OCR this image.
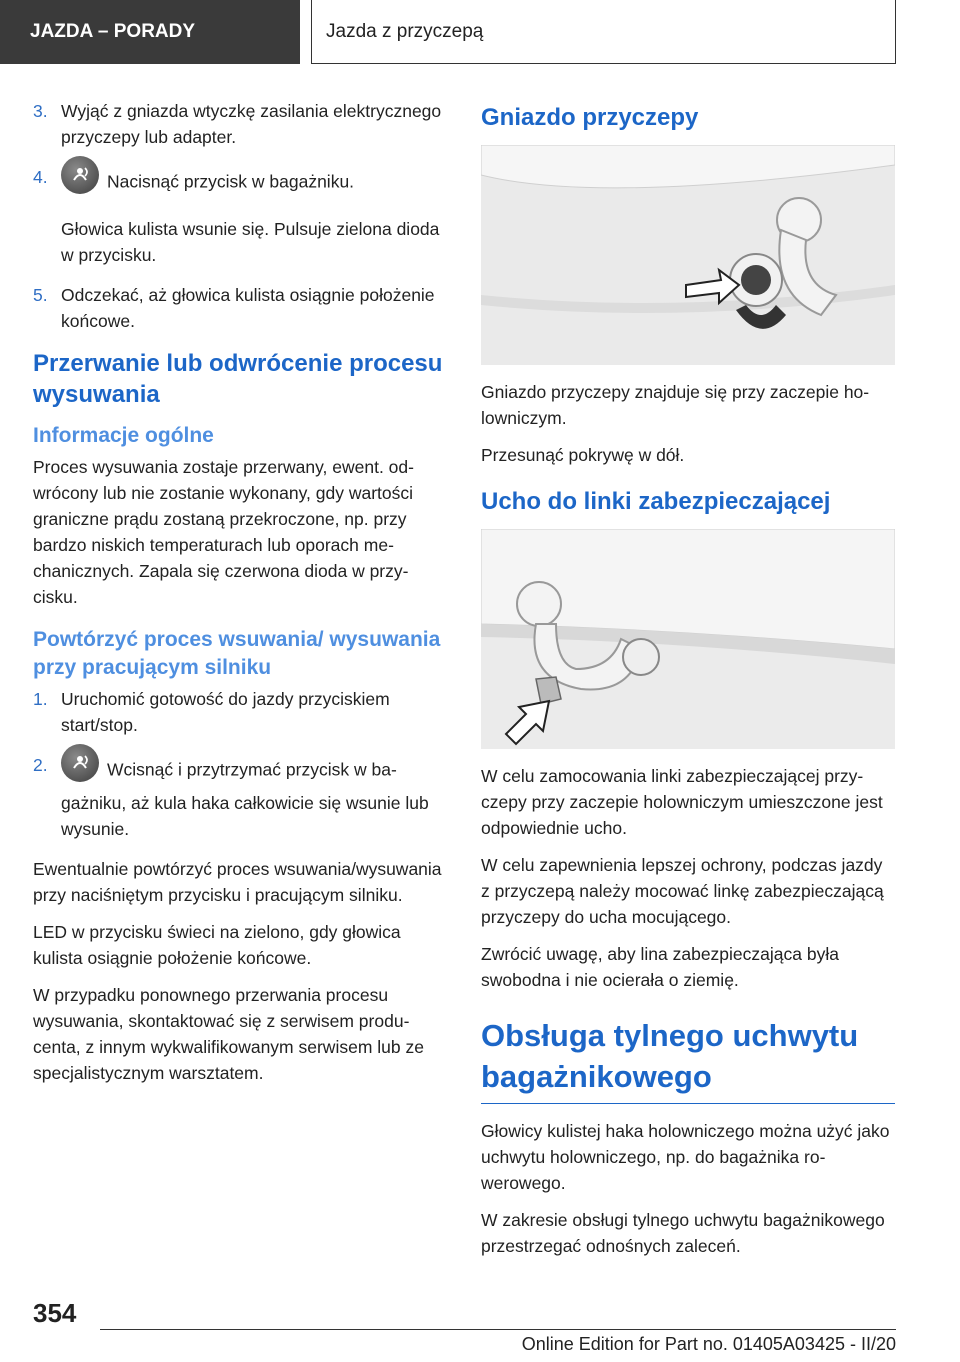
JAZDA – PORADY	Jazda z przyczepą
3. Wyjąć z gniazda wtyczkę zasilania elektrycznego przyczepy lub adapter.
4.	Nacisnąć przycisk w bagażniku.
Głowica kulista wsunie się. Pulsuje zielona dioda w przycisku.
5. Odczekać, aż głowica kulista osiągnie położenie końcowe.
Przerwanie lub odwrócenie procesu wysuwania
Informacje ogólne

Proces wysuwania zostaje przerwany, ewent. odwrócony lub nie zostanie wykonany, gdy wartości graniczne prądu zostaną przekroczone, np. przy bardzo niskich temperaturach lub oporach mechanicznych. Zapala się czerwona dioda w przycisku.

Powtórzyć proces wsuwania/ wysuwania przy pracującym silniku
1. Uruchomić gotowość do jazdy przyciskiem start/stop.
2.	Wcisnąć i przytrzymać przycisk w bagażniku, aż kula haka całkowicie się wsunie lub wysunie.

Ewentualnie powtórzyć proces wsuwania/wysuwania przy naciśniętym przycisku i pracującym silniku.

LED w przycisku świeci na zielono, gdy głowica kulista osiągnie położenie końcowe.

W przypadku ponownego przerwania procesu wysuwania, skontaktować się z serwisem producenta, z innym wykwalifikowanym serwisem lub ze specjalistycznym warsztatem.

Gniazdo przyczepy

Gniazdo przyczepy znajduje się przy zaczepie holowniczym.

Przesunąć pokrywę w dół.

Ucho do linki zabezpieczającej

W celu zamocowania linki zabezpieczającej przyczepy przy zaczepie holowniczym umieszczone jest odpowiednie ucho.

W celu zapewnienia lepszej ochrony, podczas jazdy z przyczepą należy mocować linkę zabezpieczającą przyczepy do ucha mocującego.

Zwrócić uwagę, aby lina zabezpieczająca była swobodna i nie ocierała o ziemię.

Obsługa tylnego uchwytu bagażnikowego

Głowicy kulistej haka holowniczego można użyć jako uchwytu holowniczego, np. do bagażnika rowerowego.

W zakresie obsługi tylnego uchwytu bagażnikowego przestrzegać odnośnych zaleceń.

354
Online Edition for Part no. 01405A03425 - II/20
